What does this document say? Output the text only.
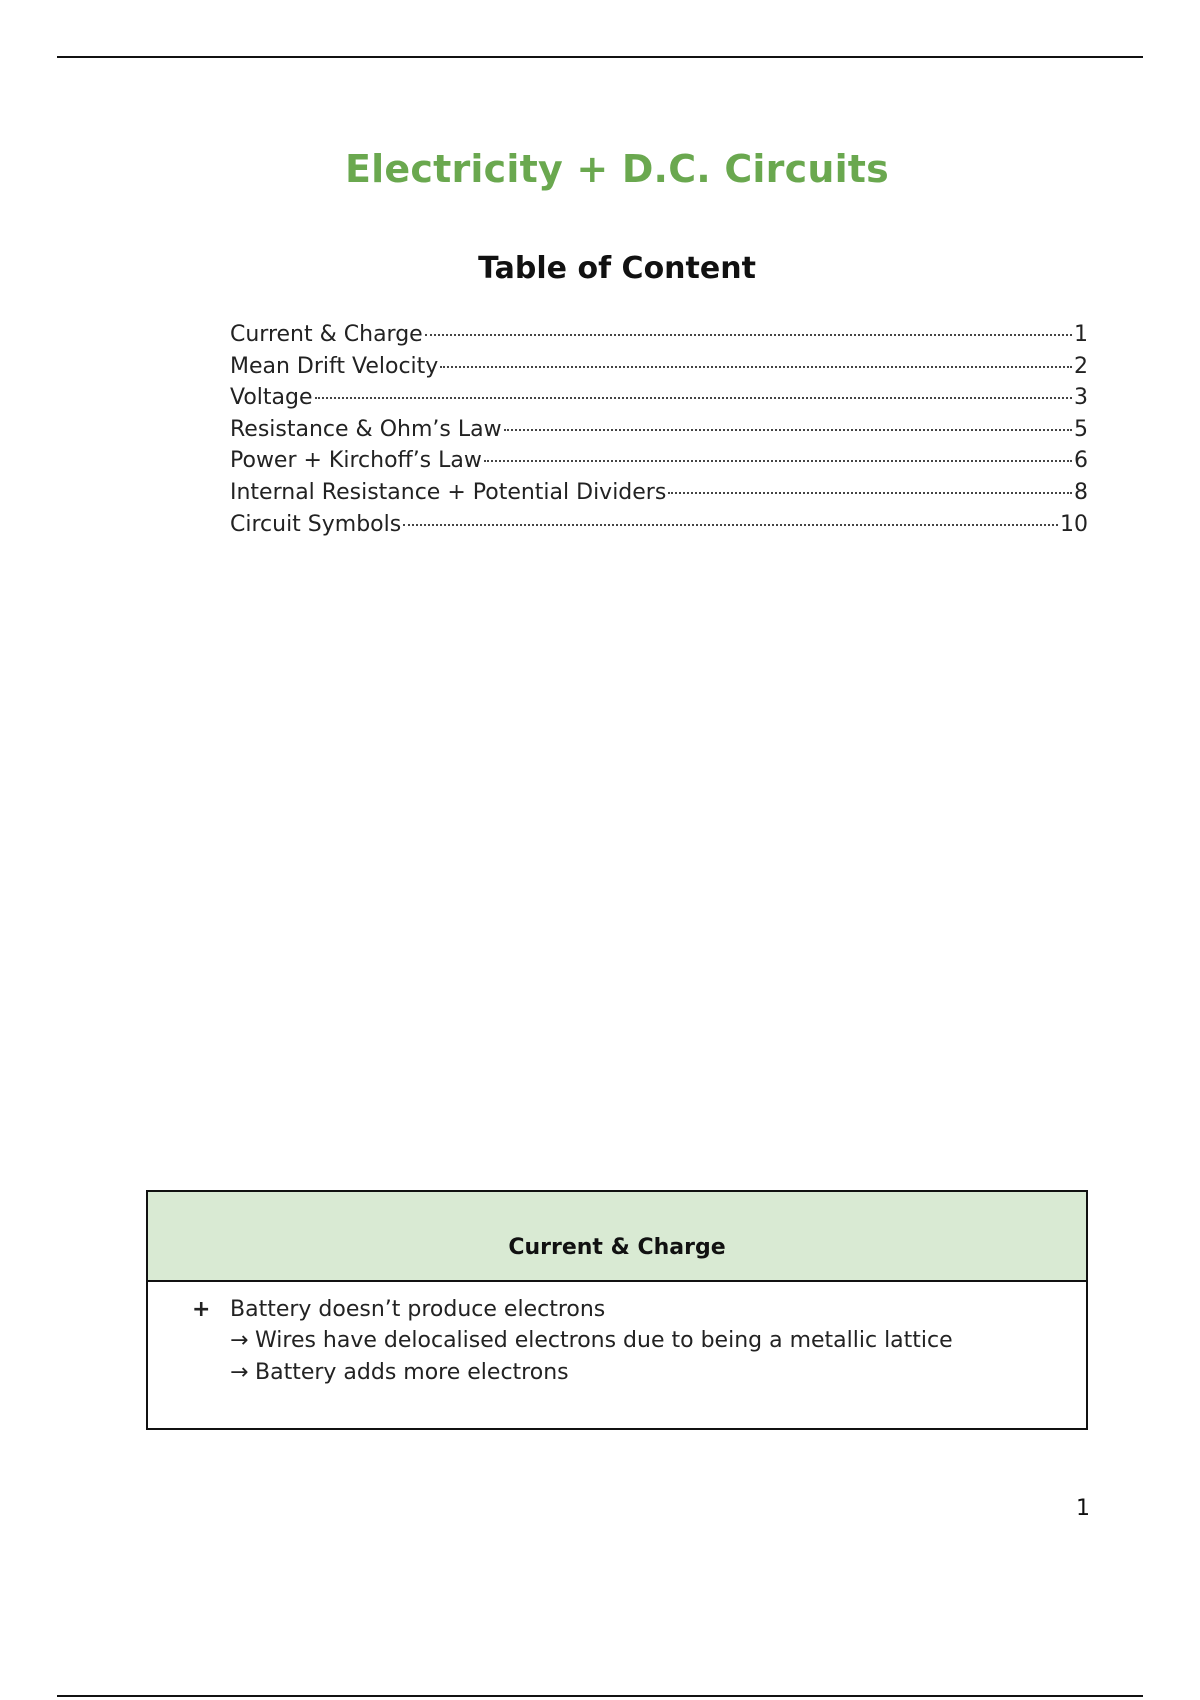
Electricity + D.C. Circuits
Table of Content
Current & Charge	1
Mean Drift Velocity	2
Voltage	3
Resistance & Ohm’s Law	5
Power + Kirchoff’s Law	6
Internal Resistance + Potential Dividers	8
Circuit Symbols	10
Current & Charge
+ Battery doesn’t produce electrons
→ Wires have delocalised electrons due to being a metallic lattice
→ Battery adds more electrons
1
